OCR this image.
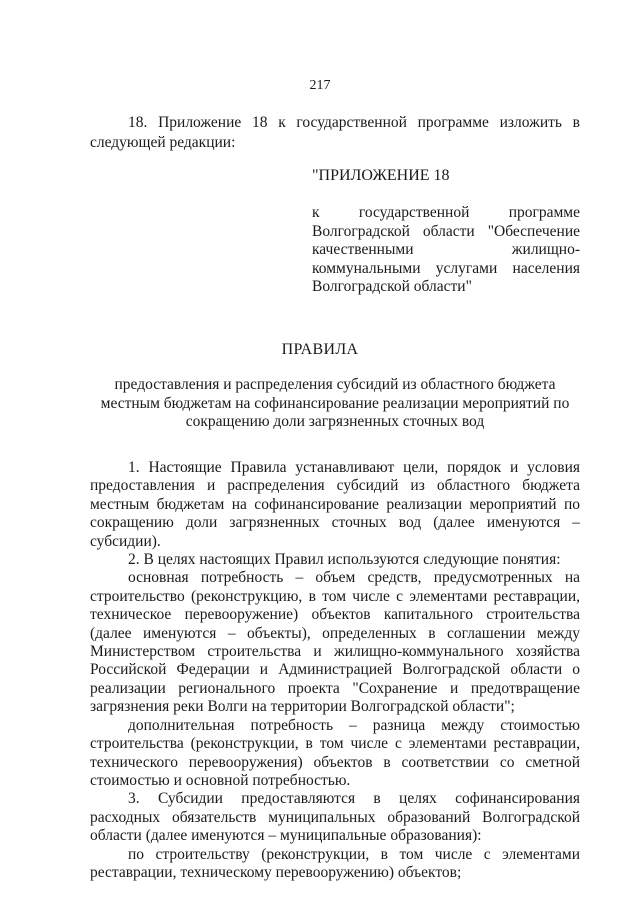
217

18. Приложение 18 к государственной программе изложить в следующей редакции:

"ПРИЛОЖЕНИЕ 18

к государственной программе Волгоградской области "Обеспечение качественными жилищно-коммунальными услугами населения Волгоградской области"

ПРАВИЛА

предоставления и распределения субсидий из областного бюджета местным бюджетам на софинансирование реализации мероприятий по сокращению доли загрязненных сточных вод

1. Настоящие Правила устанавливают цели, порядок и условия предоставления и распределения субсидий из областного бюджета местным бюджетам на софинансирование реализации мероприятий по сокращению доли загрязненных сточных вод (далее именуются – субсидии).

2. В целях настоящих Правил используются следующие понятия:

основная потребность – объем средств, предусмотренных на строительство (реконструкцию, в том числе с элементами реставрации, техническое перевооружение) объектов капитального строительства (далее именуются – объекты), определенных в соглашении между Министерством строительства и жилищно-коммунального хозяйства Российской Федерации и Администрацией Волгоградской области о реализации регионального проекта "Сохранение и предотвращение загрязнения реки Волги на территории Волгоградской области";

дополнительная потребность – разница между стоимостью строительства (реконструкции, в том числе с элементами реставрации, технического перевооружения) объектов в соответствии со сметной стоимостью и основной потребностью.

3. Субсидии предоставляются в целях софинансирования расходных обязательств муниципальных образований Волгоградской области (далее именуются – муниципальные образования):

по строительству (реконструкции, в том числе с элементами реставрации, техническому перевооружению) объектов;
